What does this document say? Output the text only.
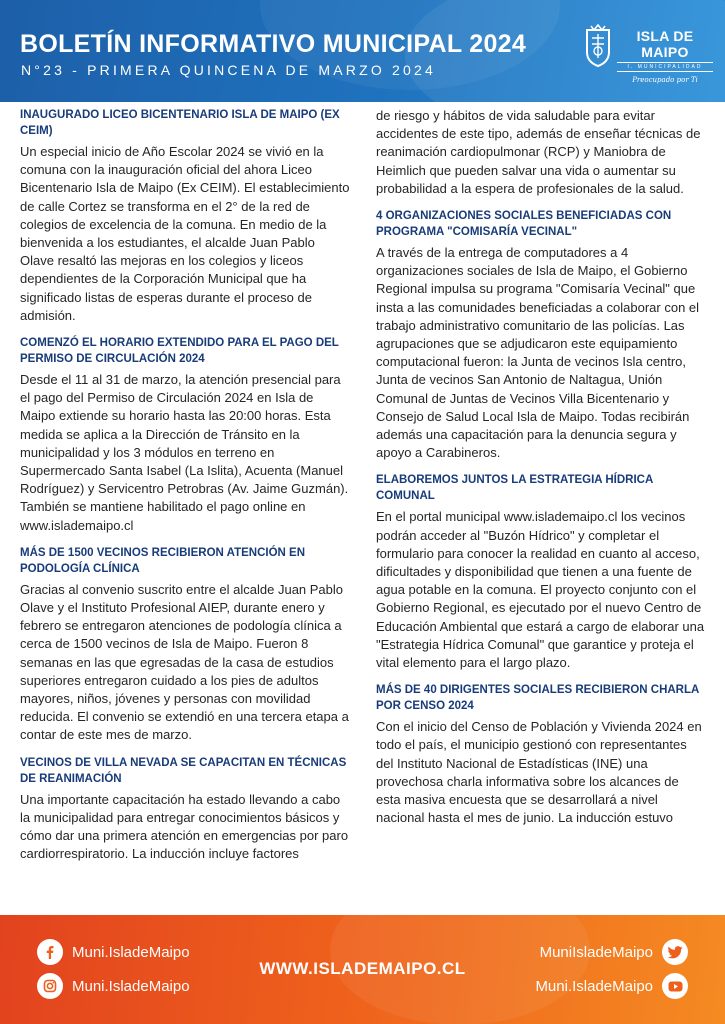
BOLETÍN INFORMATIVO MUNICIPAL 2024
N°23 - PRIMERA QUINCENA DE MARZO 2024
ISLA DE MAIPO
I. MUNICIPALIDAD
Preocupado por Ti
INAUGURADO LICEO BICENTENARIO ISLA DE MAIPO (EX CEIM)
Un especial inicio de Año Escolar 2024 se vivió en la comuna con la inauguración oficial del ahora Liceo Bicentenario Isla de Maipo (Ex CEIM). El establecimiento de calle Cortez se transforma en el 2° de la red de colegios de excelencia de la comuna. En medio de la bienvenida a los estudiantes, el alcalde Juan Pablo Olave resaltó las mejoras en los colegios y liceos dependientes de la Corporación Municipal que ha significado listas de esperas durante el proceso de admisión.
COMENZÓ EL HORARIO EXTENDIDO PARA EL PAGO DEL PERMISO DE CIRCULACIÓN 2024
Desde el 11 al 31 de marzo, la atención presencial para el pago del Permiso de Circulación 2024 en Isla de Maipo extiende su horario hasta las 20:00 horas. Esta medida se aplica a la Dirección de Tránsito en la municipalidad y los 3 módulos en terreno en Supermercado Santa Isabel (La Islita), Acuenta (Manuel Rodríguez) y Servicentro Petrobras (Av. Jaime Guzmán). También se mantiene habilitado el pago online en www.islademaipo.cl
MÁS DE 1500 VECINOS RECIBIERON ATENCIÓN EN PODOLOGÍA CLÍNICA
Gracias al convenio suscrito entre el alcalde Juan Pablo Olave y el Instituto Profesional AIEP, durante enero y febrero se entregaron atenciones de podología clínica a cerca de 1500 vecinos de Isla de Maipo. Fueron 8 semanas en las que egresadas de la casa de estudios superiores entregaron cuidado a los pies de adultos mayores, niños, jóvenes y personas con movilidad reducida. El convenio se extendió en una tercera etapa a contar de este mes de marzo.
VECINOS DE VILLA NEVADA SE CAPACITAN EN TÉCNICAS DE REANIMACIÓN
Una importante capacitación ha estado llevando a cabo la municipalidad para entregar conocimientos básicos y cómo dar una primera atención en emergencias por paro cardiorrespiratorio. La inducción incluye factores
de riesgo y hábitos de vida saludable para evitar accidentes de este tipo, además de enseñar técnicas de reanimación cardiopulmonar (RCP) y Maniobra de Heimlich que pueden salvar una vida o aumentar su probabilidad a la espera de profesionales de la salud.
4 ORGANIZACIONES SOCIALES BENEFICIADAS CON PROGRAMA "COMISARÍA VECINAL"
A través de la entrega de computadores a 4 organizaciones sociales de Isla de Maipo, el Gobierno Regional impulsa su programa "Comisaría Vecinal" que insta a las comunidades beneficiadas a colaborar con el trabajo administrativo comunitario de las policías. Las agrupaciones que se adjudicaron este equipamiento computacional fueron: la Junta de vecinos Isla centro, Junta de vecinos San Antonio de Naltagua, Unión Comunal de Juntas de Vecinos Villa Bicentenario y Consejo de Salud Local Isla de Maipo. Todas recibirán además una capacitación para la denuncia segura y apoyo a Carabineros.
ELABOREMOS JUNTOS LA ESTRATEGIA HÍDRICA COMUNAL
En el portal municipal www.islademaipo.cl los vecinos podrán acceder al "Buzón Hídrico" y completar el formulario para conocer la realidad en cuanto al acceso, dificultades y disponibilidad que tienen a una fuente de agua potable en la comuna. El proyecto conjunto con el Gobierno Regional, es ejecutado por el nuevo Centro de Educación Ambiental que estará a cargo de elaborar una "Estrategia Hídrica Comunal" que garantice y proteja el vital elemento para el largo plazo.
MÁS DE 40 DIRIGENTES SOCIALES RECIBIERON CHARLA POR CENSO 2024
Con el inicio del Censo de Población y Vivienda 2024 en todo el país, el municipio gestionó con representantes del Instituto Nacional de Estadísticas (INE) una provechosa charla informativa sobre los alcances de esta masiva encuesta que se desarrollará a nivel nacional hasta el mes de junio. La inducción estuvo
Muni.IsladeMaipo
Muni.IsladeMaipo
WWW.ISLADEMAIPO.CL
MuniIsladeMaipo
Muni.IsladeMaipo
